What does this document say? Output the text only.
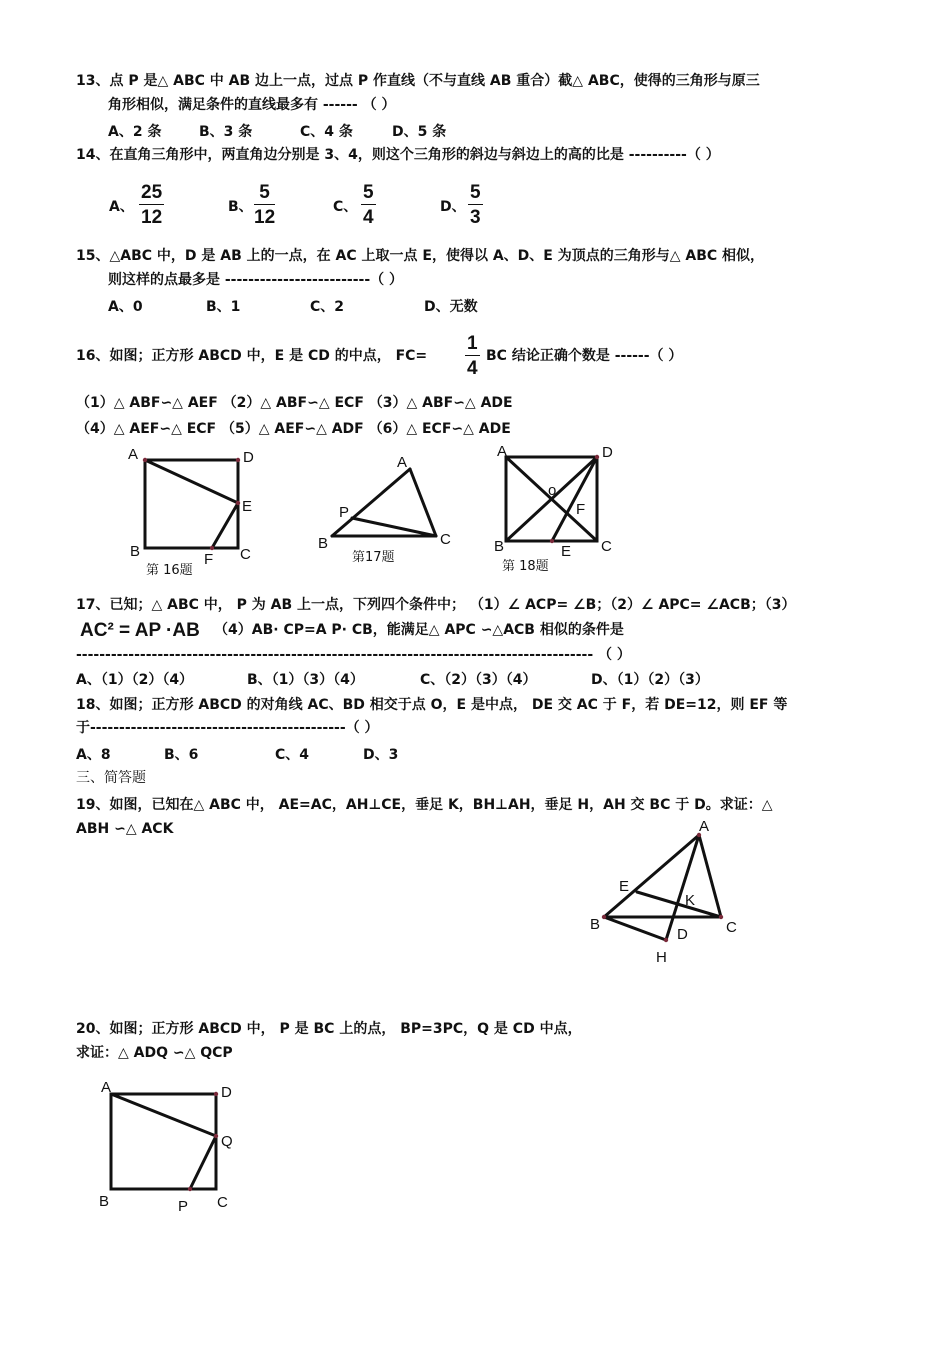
13、点 P 是△ ABC 中 AB 边上一点，过点 P 作直线（不与直线 AB 重合）截△ ABC，使得的三角形与原三
角形相似，满足条件的直线最多有 ------ （ ）
A、2 条	B、3 条	C、4 条	D、5 条
14、在直角三角形中，两直角边分别是 3、4，则这个三角形的斜边与斜边上的高的比是 ----------（ ）
A、 $\frac{25}{12}$	B、 $\frac{5}{12}$	C、 $\frac{5}{4}$	D、 $\frac{5}{3}$
15、△ABC 中，D 是 AB 上的一点，在 AC 上取一点 E，使得以 A、D、E 为顶点的三角形与△ ABC 相似，
则这样的点最多是 -------------------------（ ）
A、0	B、1	C、2	D、无数
16、如图；正方形 ABCD 中，E 是 CD 的中点， $FC= \frac{1}{4}$ BC 结论正确个数是 ------（ ）
（1）△ ABF∽△ AEF （2）△ ABF∽△ ECF （3）△ ABF∽△ ADE
（4）△ AEF∽△ ECF （5）△ AEF∽△ ADF （6）△ ECF∽△ ADE
A	D
E
B	F C
第 16题
A
P
B	C
第17题
A	D
o
F
B	E C
第 18题
A
E
K
B	C
D
H
A	D
Q
B	P C
17、已知；△ ABC 中， P 为 AB 上一点，下列四个条件中； （1）∠ ACP= ∠B；（2）∠ APC= ∠ACB；（3）
AC² = AP ·AB （4）AB· CP=A P· CB，能满足△ APC ∽△ACB 相似的条件是
----------------------------------------------------------------------------------------- （ ）
A、（1）（2）（4）	B、（1）（3）（4）	C、（2）（3）（4）	D、（1）（2）（3）
18、如图；正方形 ABCD 的对角线 AC、BD 相交于点 O，E 是中点， DE 交 AC 于 F，若 DE=12，则 EF 等
于--------------------------------------------（ ）
A、8	B、6	C、4	D、3
三、简答题
19、如图，已知在△ ABC 中， AE=AC，AH⊥CE，垂足 K，BH⊥AH，垂足 H，AH 交 BC 于 D。求证：△
ABH ∽△ ACK
20、如图；正方形 ABCD 中， P 是 BC 上的点， BP=3PC，Q 是 CD 中点，
求证：△ ADQ ∽△ QCP
